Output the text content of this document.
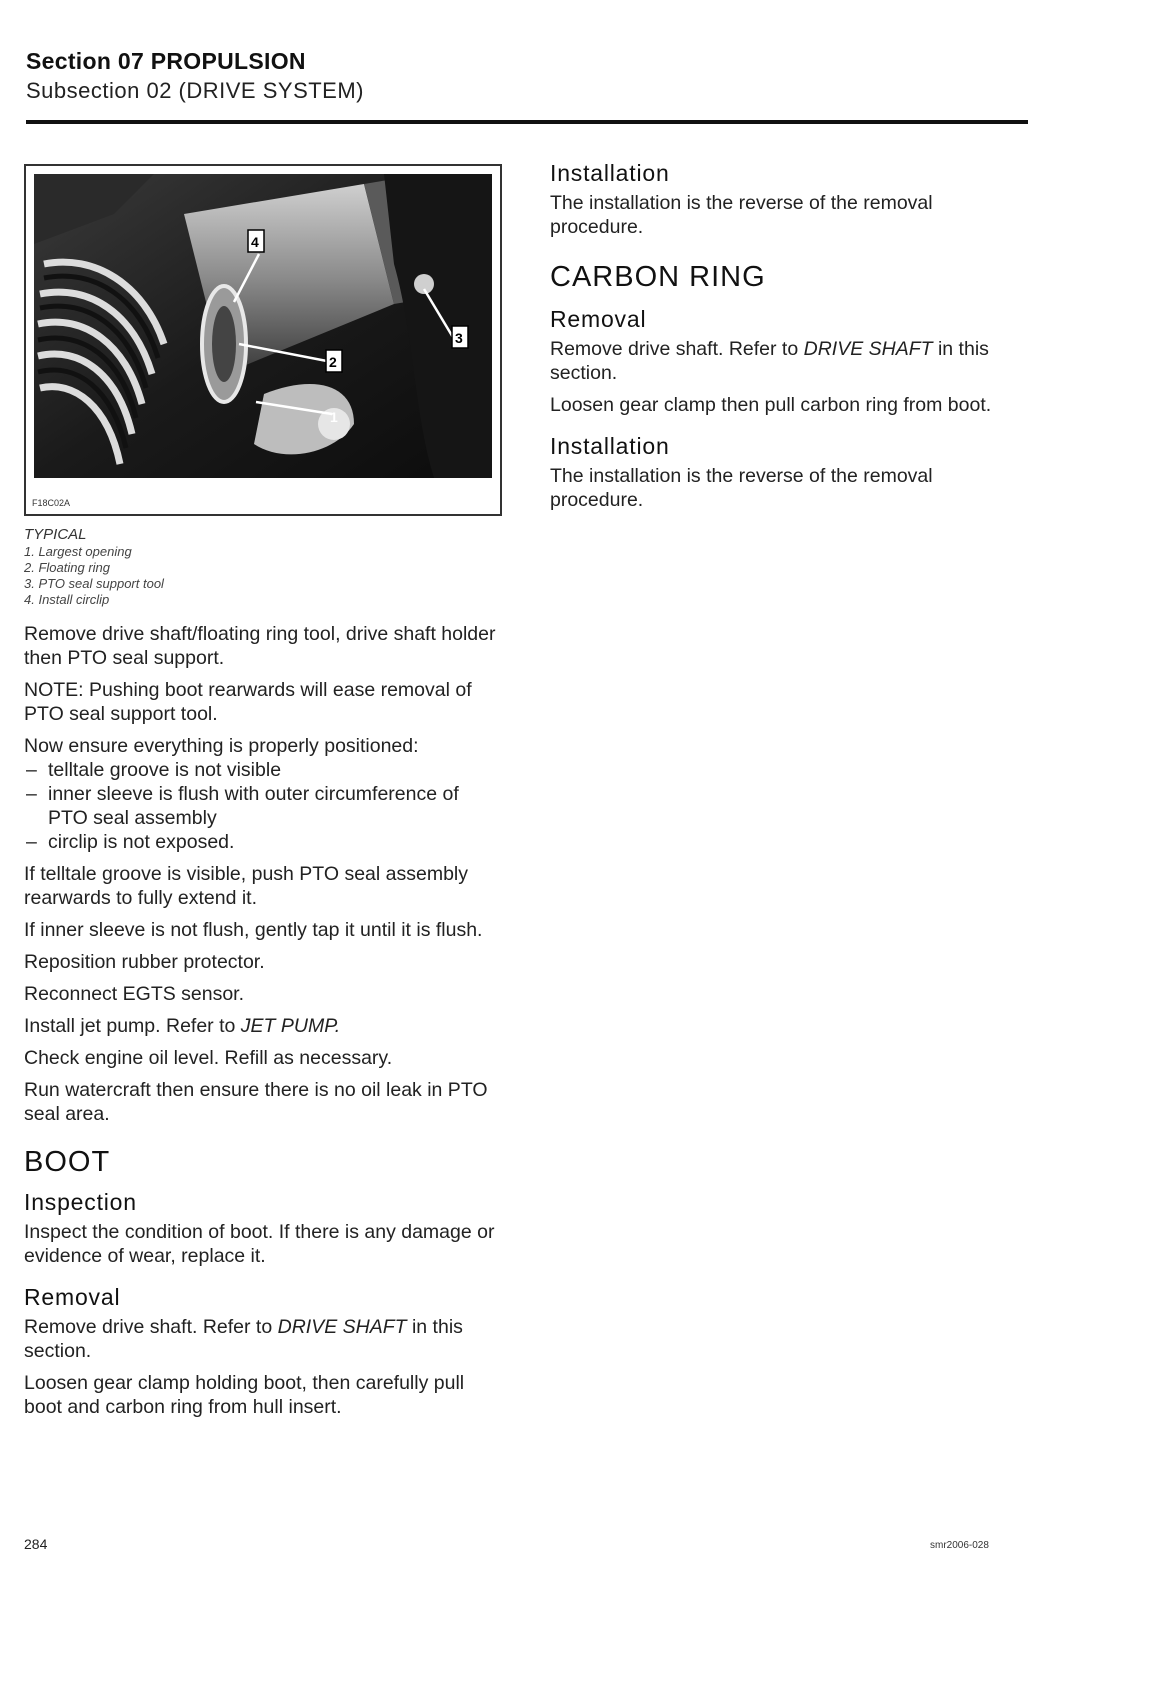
Section 07 PROPULSION
Subsection 02 (DRIVE SYSTEM)
4
2
3
1
F18C02A
TYPICAL
1. Largest opening
2. Floating ring
3. PTO seal support tool
4. Install circlip

Remove drive shaft/floating ring tool, drive shaft holder then PTO seal support.

NOTE: Pushing boot rearwards will ease removal of PTO seal support tool.

Now ensure everything is properly positioned:

– telltale groove is not visible
– inner sleeve is flush with outer circumference of PTO seal assembly
– circlip is not exposed.

If telltale groove is visible, push PTO seal assembly rearwards to fully extend it.

If inner sleeve is not flush, gently tap it until it is flush.

Reposition rubber protector.

Reconnect EGTS sensor.

Install jet pump. Refer to JET PUMP.

Check engine oil level. Refill as necessary.

Run watercraft then ensure there is no oil leak in PTO seal area.

BOOT
Inspection

Inspect the condition of boot. If there is any damage or evidence of wear, replace it.

Removal

Remove drive shaft. Refer to DRIVE SHAFT in this section.

Loosen gear clamp holding boot, then carefully pull boot and carbon ring from hull insert.

Installation

The installation is the reverse of the removal procedure.

CARBON RING
Removal

Remove drive shaft. Refer to DRIVE SHAFT in this section.

Loosen gear clamp then pull carbon ring from boot.

Installation

The installation is the reverse of the removal procedure.

284	smr2006-028
